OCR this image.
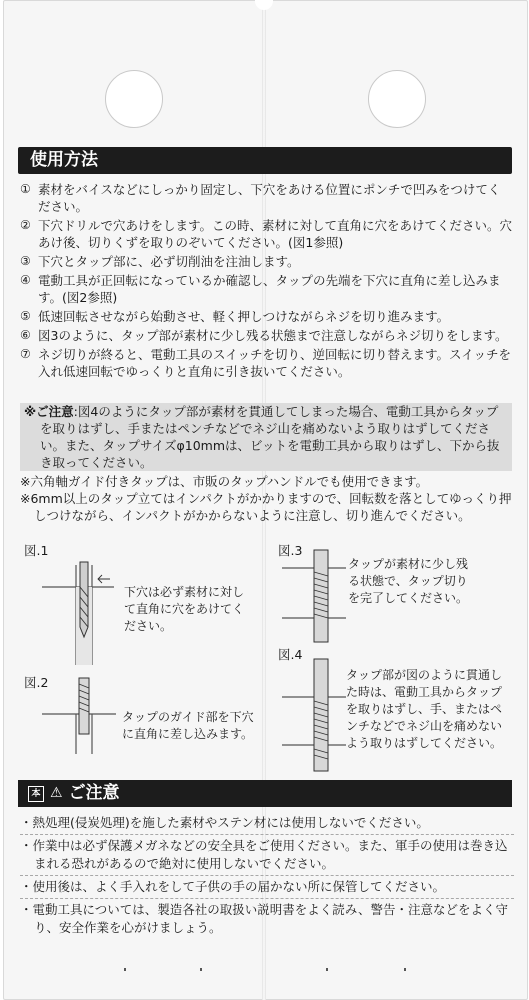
使用方法
① 素材をバイスなどにしっかり固定し、下穴をあける位置にポンチで凹みをつけてください。
② 下穴ドリルで穴あけをします。この時、素材に対して直角に穴をあけてください。穴あけ後、切りくずを取りのぞいてください。(図1参照)
③ 下穴とタップ部に、必ず切削油を注油します。
④ 電動工具が正回転になっているか確認し、タップの先端を下穴に直角に差し込みます。(図2参照)
⑤ 低速回転させながら始動させ、軽く押しつけながらネジを切り進みます。
⑥ 図3のように、タップ部が素材に少し残る状態まで注意しながらネジ切りをします。
⑦ ネジ切りが終ると、電動工具のスイッチを切り、逆回転に切り替えます。スイッチを入れ低速回転でゆっくりと直角に引き抜いてください。
※ご注意:図4のようにタップ部が素材を貫通してしまった場合、電動工具からタップを取りはずし、手またはペンチなどでネジ山を痛めないよう取りはずしてください。また、タップサイズφ10mmは、ビットを電動工具から取りはずし、下から抜き取ってください。
※六角軸ガイド付きタップは、市販のタップハンドルでも使用できます。
※6mm以上のタップ立てはインパクトがかかりますので、回転数を落としてゆっくり押しつけながら、インパクトがかからないように注意し、切り進んでください。
図.1
下穴は必ず素材に対して直角に穴をあけてください。
図.2
タップのガイド部を下穴に直角に差し込みます。
図.3
タップが素材に少し残る状態で、タップ切りを完了してください。
図.4
タップ部が図のように貫通した時は、電動工具からタップを取りはずし、手、またはペンチなどでネジ山を痛めないよう取りはずしてください。
本 ⚠ ご注意
・熱処理(侵炭処理)を施した素材やステン材には使用しないでください。
・作業中は必ず保護メガネなどの安全具をご使用ください。また、軍手の使用は巻き込まれる恐れがあるので絶対に使用しないでください。
・使用後は、よく手入れをして子供の手の届かない所に保管してください。
・電動工具については、製造各社の取扱い説明書をよく読み、警告・注意などをよく守り、安全作業を心がけましょう。
